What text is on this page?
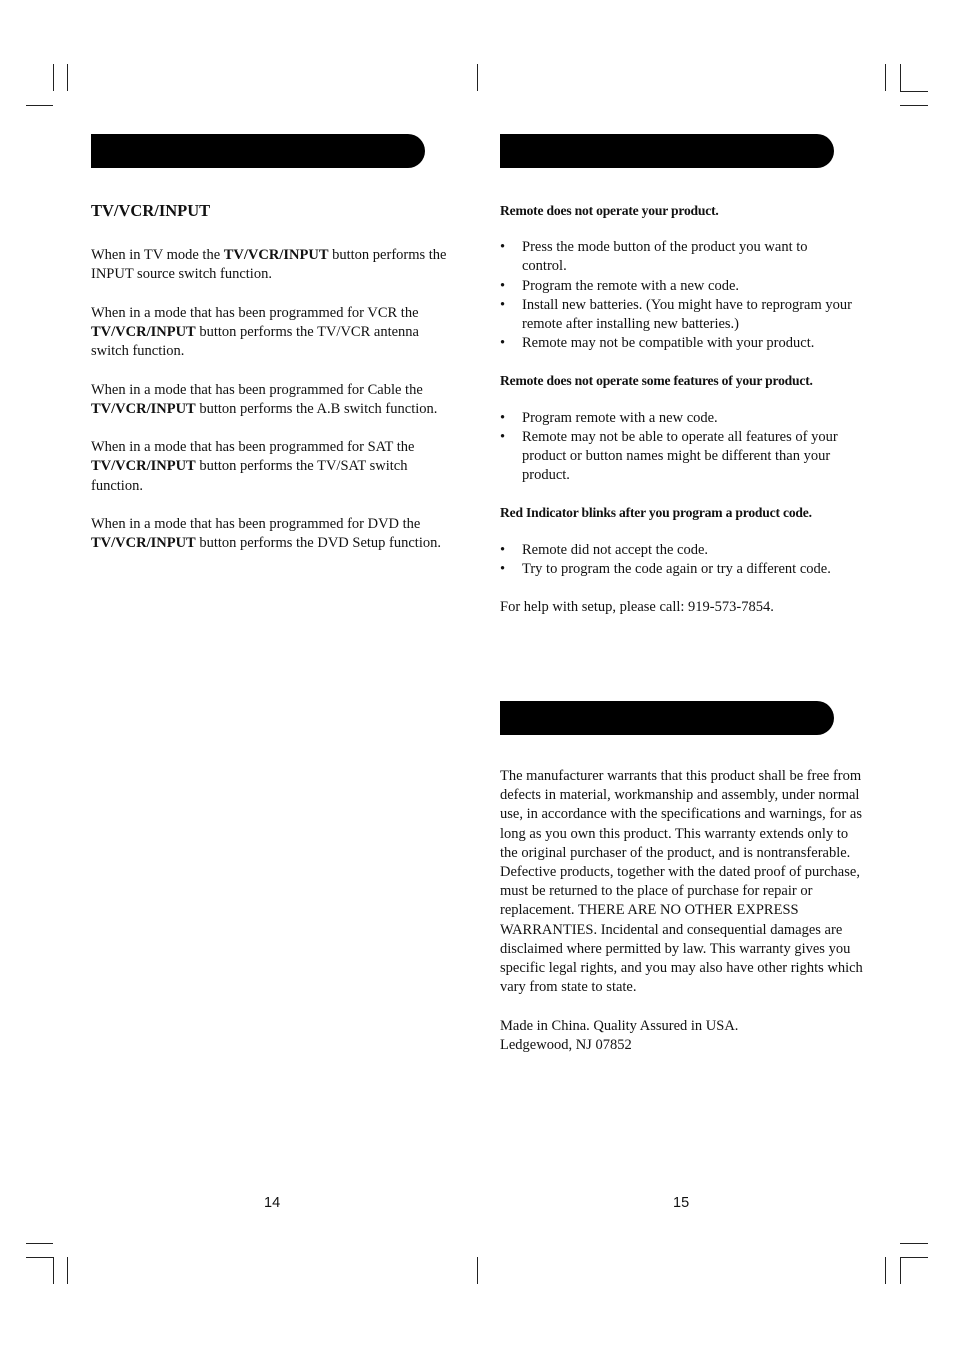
TV/VCR/INPUT

When in TV mode the TV/VCR/INPUT button performs the INPUT source switch function.

When in a mode that has been programmed for VCR the TV/VCR/INPUT button performs the TV/VCR antenna switch function.

When in a mode that has been programmed for Cable the TV/VCR/INPUT button performs the A.B switch function.

When in a mode that has been programmed for SAT the TV/VCR/INPUT button performs the TV/SAT switch function.

When in a mode that has been programmed for DVD the TV/VCR/INPUT button performs the DVD Setup function.

Remote does not operate your product.

• Press the mode button of the product you want to control.
• Program the remote with a new code.
• Install new batteries. (You might have to reprogram your remote after installing new batteries.)
• Remote may not be compatible with your product.

Remote does not operate some features of your product.

• Program remote with a new code.
• Remote may not be able to operate all features of your product or button names might be different than your product.

Red Indicator blinks after you program a product code.

• Remote did not accept the code.
• Try to program the code again or try a different code.

For help with setup, please call: 919-573-7854.

The manufacturer warrants that this product shall be free from defects in material, workmanship and assembly, under normal use, in accordance with the specifications and warnings, for as long as you own this product. This warranty extends only to the original purchaser of the product, and is nontransferable. Defective products, together with the dated proof of purchase, must be returned to the place of purchase for repair or replacement. THERE ARE NO OTHER EXPRESS WARRANTIES. Incidental and consequential damages are disclaimed where permitted by law. This warranty gives you specific legal rights, and you may also have other rights which vary from state to state.

Made in China. Quality Assured in USA.

Ledgewood, NJ 07852

14	15
